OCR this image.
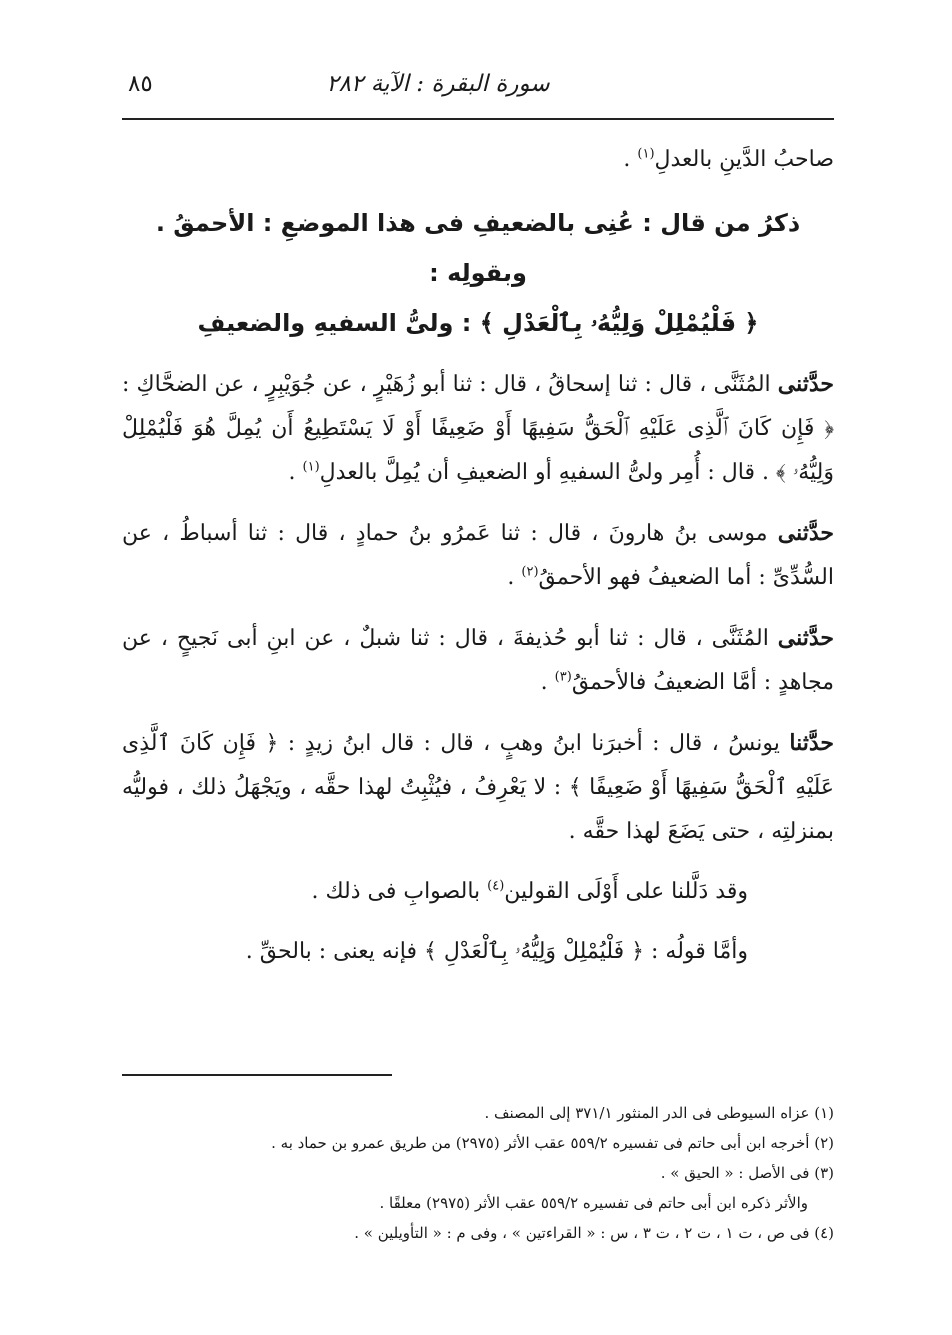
سورة البقرة : الآية ٢٨٢
٨٥

صاحبُ الدَّينِ بالعدلِ$^{(١)}$ .

ذكرُ من قال : عُنِى بالضعيفِ فى هذا الموضعِ : الأحمقُ . وبقولِه :
﴿ فَلْيُمْلِلْ وَلِيُّهُۥ بِٱلْعَدْلِ ﴾ : ولىُّ السفيهِ والضعيفِ

حدَّثنى المُثَنَّى ، قال : ثنا إسحاقُ ، قال : ثنا أبو زُهَيْرٍ ، عن جُوَيْبِرٍ ، عن الضحَّاكِ : ﴿ فَإِن كَانَ ٱلَّذِى عَلَيْهِ ٱلْحَقُّ سَفِيهًا أَوْ ضَعِيفًا أَوْ لَا يَسْتَطِيعُ أَن يُمِلَّ هُوَ فَلْيُمْلِلْ وَلِيُّهُۥ ﴾ . قال : أُمِر ولىُّ السفيهِ أو الضعيفِ أن يُمِلَّ بالعدلِ$^{(١)}$ .

حدَّثنى موسى بنُ هارونَ ، قال : ثنا عَمرُو بنُ حمادٍ ، قال : ثنا أسباطُ ، عن السُّدِّىِّ : أما الضعيفُ فهو الأحمقُ$^{(٢)}$ .

حدَّثنى المُثَنَّى ، قال : ثنا أبو حُذيفةَ ، قال : ثنا شبلٌ ، عن ابنِ أبى نَجيحٍ ، عن مجاهدٍ : أمَّا الضعيفُ فالأحمقُ$^{(٣)}$ .

حدَّثنا يونسُ ، قال : أخبرَنا ابنُ وهبٍ ، قال : قال ابنُ زيدٍ : ﴿ فَإِن كَانَ ٱلَّذِى عَلَيْهِ ٱلْحَقُّ سَفِيهًا أَوْ ضَعِيفًا ﴾ : لا يَعْرِفُ ، فيُثْبِتُ لهذا حقَّه ، ويَجْهَلُ ذلك ، فوليُّه بمنزلتِه ، حتى يَضَعَ لهذا حقَّه .

وقد دَلَّلنا على أَوْلَى القولين$^{(٤)}$ بالصوابِ فى ذلك .

وأمَّا قولُه : ﴿ فَلْيُمْلِلْ وَلِيُّهُۥ بِٱلْعَدْلِ ﴾ فإنه يعنى : بالحقِّ .

(١) عزاه السيوطى فى الدر المنثور ٣٧١/١ إلى المصنف .

(٢) أخرجه ابن أبى حاتم فى تفسيره ٥٥٩/٢ عقب الأثر (٢٩٧٥) من طريق عمرو بن حماد به .

(٣) فى الأصل : « الحيق » .

والأثر ذكره ابن أبى حاتم فى تفسيره ٥٥٩/٢ عقب الأثر (٢٩٧٥) معلقًا .

(٤) فى ص ، ت ١ ، ت ٢ ، ت ٣ ، س : « القراءتين » ، وفى م : « التأويلين » .
